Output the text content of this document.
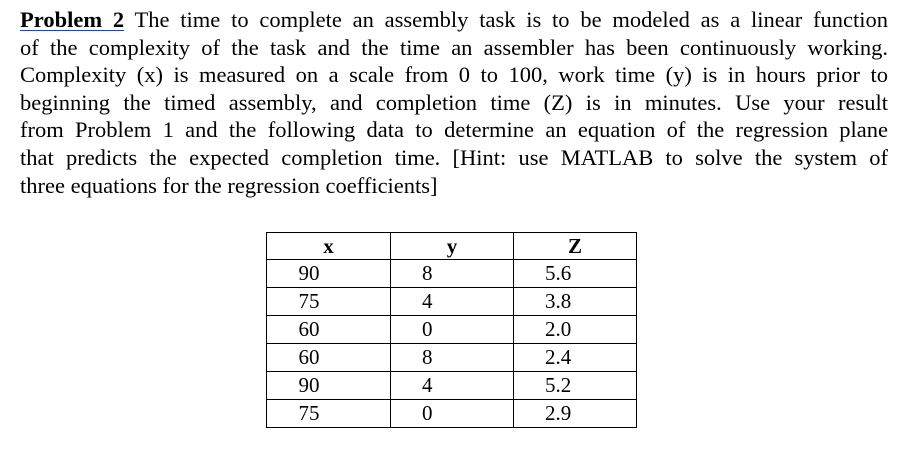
Problem 2 The time to complete an assembly task is to be modeled as a linear function
of the complexity of the task and the time an assembler has been continuously working.
Complexity (x) is measured on a scale from 0 to 100, work time (y) is in hours prior to
beginning the timed assembly, and completion time (Z) is in minutes. Use your result
from Problem 1 and the following data to determine an equation of the regression plane
that predicts the expected completion time. [Hint: use MATLAB to solve the system of
three equations for the regression coefficients]
x	y	Z
90	8	5.6
75	4	3.8
60	0	2.0
60	8	2.4
90	4	5.2
75	0	2.9
